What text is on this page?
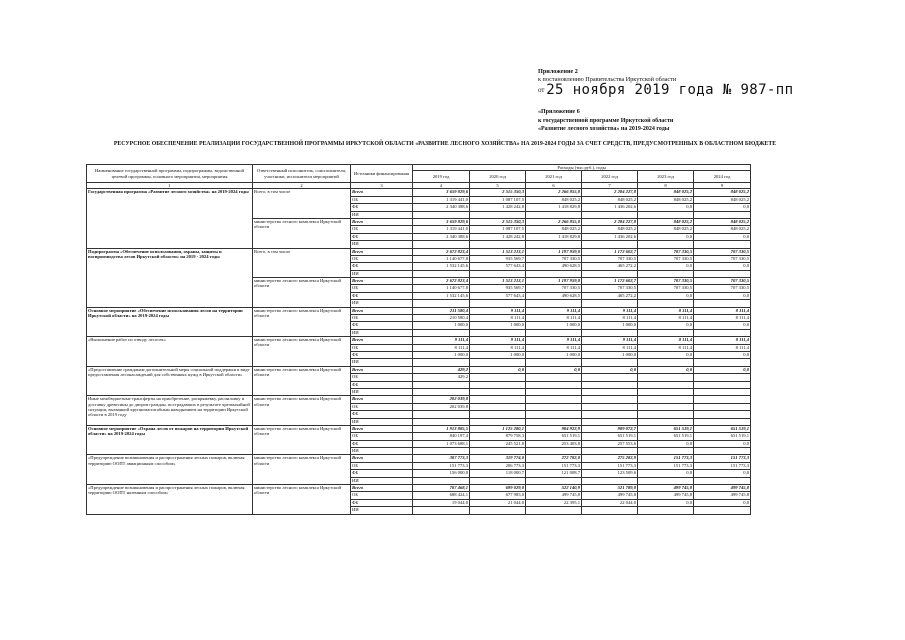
Приложение 2
к постановлению Правительства Иркутской области
от 25 ноября 2019 года № 987-пп
«Приложение 6
к государственной программе Иркутской области
«Развитие лесного хозяйства» на 2019-2024 годы
РЕСУРСНОЕ ОБЕСПЕЧЕНИЕ РЕАЛИЗАЦИИ ГОСУДАРСТВЕННОЙ ПРОГРАММЫ ИРКУТСКОЙ ОБЛАСТИ «РАЗВИТИЕ ЛЕСНОГО ХОЗЯЙСТВА» НА 2019-2024 ГОДЫ ЗА СЧЕТ СРЕДСТВ, ПРЕДУСМОТРЕННЫХ В ОБЛАСТНОМ БЮДЖЕТЕ
Наименование государственной программы, подпрограммы, ведомственной целевой программы, основного мероприятия, мероприятия	Ответственный исполнитель, соисполнители, участники, исполнители мероприятий	Источники финансирования	Расходы (тыс.руб.), годы					
			2019 год	2020 год	2021 год	2022 год	2023 год	2024 год
1	2	3	4	5	6	7	8	9
Государственная программа «Развитие лесного хозяйства» на 2019-2024 годы	Всего, в том числе	Всего	3 659 829,6	2 515 350,3	2 266 855,0	2 284 227,8	848 025,2	848 025,2
		ОБ	1 319 441,0	1 087 107,5	848 025,2	848 025,2	848 025,2	848 025,2
		ФБ	2 340 388,6	1 428 242,8	1 418 829,8	1 436 202,6	0,0	0,0
		ИИ						
	министерство лесного комплекса Иркутской области	Всего	3 659 829,6	2 515 350,3	2 266 855,0	2 284 227,8	848 025,2	848 025,2
		ОБ	1 319 441,0	1 087 107,5	848 025,2	848 025,2	848 025,2	848 025,2
		ФБ	2 340 388,6	1 428 242,8	1 418 829,8	1 436 202,6	0,0	0,0
		ИИ						
Подпрограмма «Обеспечение использования, охраны, защиты и воспроизводства лесов Иркутской области» на 2019 - 2024 годы	Всего, в том числе	Всего	2 672 823,4	1 513 213,1	1 197 959,0	1 172 602,7	707 330,5	707 330,5
		ОБ	1 140 677,8	935 569,7	707 330,5	707 330,5	707 330,5	707 330,5
		ФБ	1 532 145,6	577 643,4	490 628,5	465 272,2	0,0	0,0
		ИИ						
	министерство лесного комплекса Иркутской области	Всего	2 672 823,4	1 513 213,1	1 197 959,0	1 172 602,7	707 330,5	707 330,5
		ОБ	1 140 677,8	935 569,7	707 330,5	707 330,5	707 330,5	707 330,5
		ФБ	1 532 145,6	577 643,4	490 628,5	465 272,2	0,0	0,0
		ИИ						
Основное мероприятие «Обеспечение использования лесов на территории Иркутской области» на 2019-2024 годы	министерство лесного комплекса Иркутской области	Всего	211 580,4	9 111,4	9 111,4	9 111,4	8 111,4	8 111,4
		ОБ	210 580,4	8 111,4	8 111,4	8 111,4	8 111,4	8 111,4
		ФБ	1 000,0	1 000,0	1 000,0	1 000,0	0,0	0,0
		ИИ						
«Выполнение работ по отводу лесосек»	министерство лесного комплекса Иркутской области	Всего	9 111,4	9 111,4	9 111,4	9 111,4	8 111,4	8 111,4
		ОБ	8 111,4	8 111,4	8 111,4	8 111,4	8 111,4	8 111,4
		ФБ	1 000,0	1 000,0	1 000,0	1 000,0	0,0	0,0
		ИИ						
«Предоставление гражданам дополнительной меры социальной поддержки в виде предоставления лесонасаждений для собственных нужд в Иркутской области»	министерство лесного комплекса Иркутской области	Всего	429,2	0,0	0,0	0,0	0,0	0,0
		ОБ	429,2					
		ФБ						
		ИИ						
Иные межбюджетные трансферты на приобретение, раскряжевку, распиловку и доставку древесины до дворов граждан, пострадавших в результате чрезвычайной ситуации, вызванной крупномасштабным наводнением на территории Иркутской области в 2019 году	министерство лесного комплекса Иркутской области	Всего	202 039,8					
		ОБ	202 039,8					
		ФБ						
		ИИ						
Основное мероприятие «Охрана лесов от пожаров на территории Иркутской области» на 2019-2024 годы	министерство лесного комплекса Иркутской области	Всего	1 913 885,5	1 125 280,1	904 922,9	909 072,7	651 519,1	651 519,1
		ОБ	840 197,4	879 758,3	651 519,1	651 519,1	651 519,1	651 519,1
		ФБ	1 073 688,1	245 521,8	253 403,8	257 553,6	0,0	0,0
		ИИ						
«Предупреждение возникновения и распространения лесных пожаров, включая территорию ООПТ авиационным способом»	министерство лесного комплекса Иркутской области	Всего	307 773,3	319 774,0	272 782,0	275 282,9	151 773,3	151 773,3
		ОБ	151 773,3	206 773,3	151 773,3	151 773,3	151 773,3	151 773,3
		ФБ	156 000,0	118 000,7	121 008,7	123 509,6	0,0	0,0
		ИИ						
«Предупреждение возникновения и распространения лесных пожаров, включая территорию ООПТ наземным способом»	министерство лесного комплекса Иркутской области	Всего	707 468,1	699 029,0	522 140,9	521 789,8	499 745,8	499 745,8
		ОБ	688 424,1	677 985,0	499 745,8	499 745,8	499 745,8	499 745,8
		ФБ	19 044,0	21 044,0	22 395,1	22 044,0	0,0	0,0
		ИИ						
